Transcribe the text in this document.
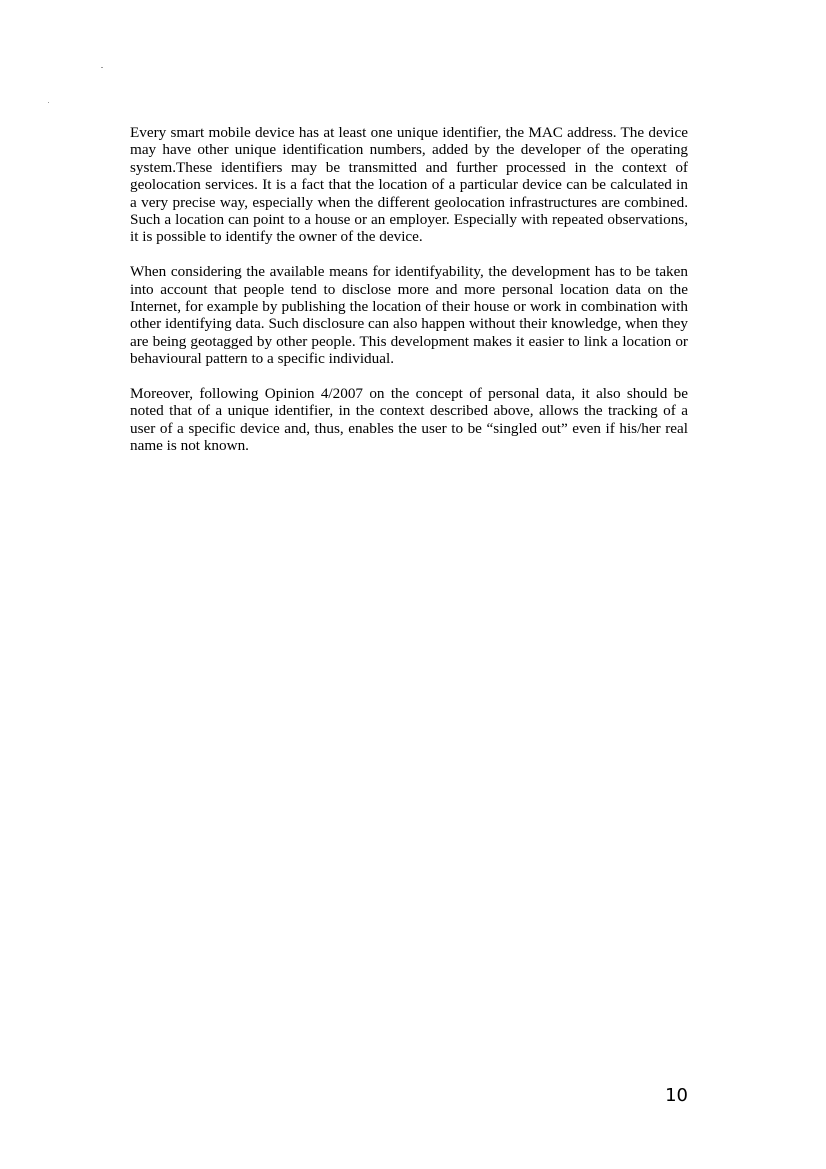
Every smart mobile device has at least one unique identifier, the MAC address. The device may have other unique identification numbers, added by the developer of the operating system.These identifiers may be transmitted and further processed in the context of geolocation services. It is a fact that the location of a particular device can be calculated in a very precise way, especially when the different geolocation infrastructures are combined. Such a location can point to a house or an employer. Especially with repeated observations, it is possible to identify the owner of the device.

When considering the available means for identifyability, the development has to be taken into account that people tend to disclose more and more personal location data on the Internet, for example by publishing the location of their house or work in combination with other identifying data. Such disclosure can also happen without their knowledge, when they are being geotagged by other people. This development makes it easier to link a location or behavioural pattern to a specific individual.

Moreover, following Opinion 4/2007 on the concept of personal data, it also should be noted that of a unique identifier, in the context described above, allows the tracking of a user of a specific device and, thus, enables the user to be “singled out” even if his/her real name is not known.

10
